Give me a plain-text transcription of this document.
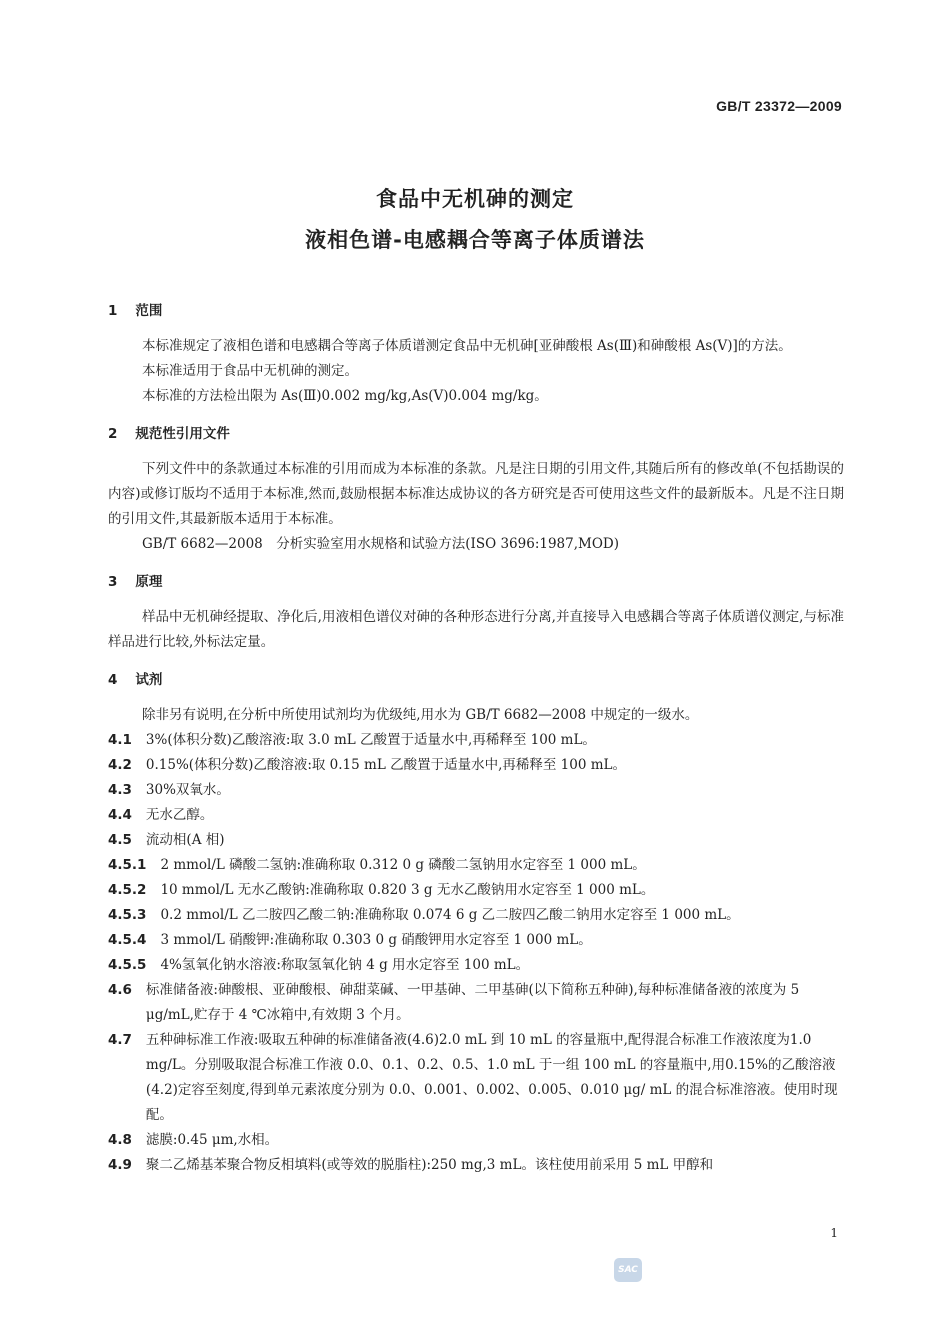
GB/T 23372—2009
食品中无机砷的测定
液相色谱-电感耦合等离子体质谱法
1 范围

本标准规定了液相色谱和电感耦合等离子体质谱测定食品中无机砷[亚砷酸根 As(Ⅲ)和砷酸根 As(Ⅴ)]的方法。

本标准适用于食品中无机砷的测定。

本标准的方法检出限为 As(Ⅲ)0.002 mg/kg,As(Ⅴ)0.004 mg/kg。

2 规范性引用文件

下列文件中的条款通过本标准的引用而成为本标准的条款。凡是注日期的引用文件,其随后所有的修改单(不包括勘误的内容)或修订版均不适用于本标准,然而,鼓励根据本标准达成协议的各方研究是否可使用这些文件的最新版本。凡是不注日期的引用文件,其最新版本适用于本标准。

GB/T 6682—2008　分析实验室用水规格和试验方法(ISO 3696:1987,MOD)

3 原理

样品中无机砷经提取、净化后,用液相色谱仪对砷的各种形态进行分离,并直接导入电感耦合等离子体质谱仪测定,与标准样品进行比较,外标法定量。

4 试剂

除非另有说明,在分析中所使用试剂均为优级纯,用水为 GB/T 6682—2008 中规定的一级水。

4.1 3%(体积分数)乙酸溶液:取 3.0 mL 乙酸置于适量水中,再稀释至 100 mL。
4.2 0.15%(体积分数)乙酸溶液:取 0.15 mL 乙酸置于适量水中,再稀释至 100 mL。
4.3 30%双氧水。
4.4 无水乙醇。
4.5 流动相(A 相)
4.5.1 2 mmol/L 磷酸二氢钠:准确称取 0.312 0 g 磷酸二氢钠用水定容至 1 000 mL。
4.5.2 10 mmol/L 无水乙酸钠:准确称取 0.820 3 g 无水乙酸钠用水定容至 1 000 mL。
4.5.3 0.2 mmol/L 乙二胺四乙酸二钠:准确称取 0.074 6 g 乙二胺四乙酸二钠用水定容至 1 000 mL。
4.5.4 3 mmol/L 硝酸钾:准确称取 0.303 0 g 硝酸钾用水定容至 1 000 mL。
4.5.5 4%氢氧化钠水溶液:称取氢氧化钠 4 g 用水定容至 100 mL。
4.6 标准储备液:砷酸根、亚砷酸根、砷甜菜碱、一甲基砷、二甲基砷(以下简称五种砷),每种标准储备液的浓度为 5 μg/mL,贮存于 4 ℃冰箱中,有效期 3 个月。
4.7 五种砷标准工作液:吸取五种砷的标准储备液(4.6)2.0 mL 到 10 mL 的容量瓶中,配得混合标准工作液浓度为1.0 mg/L。分别吸取混合标准工作液 0.0、0.1、0.2、0.5、1.0 mL 于一组 100 mL 的容量瓶中,用0.15%的乙酸溶液(4.2)定容至刻度,得到单元素浓度分别为 0.0、0.001、0.002、0.005、0.010 μg/ mL 的混合标准溶液。使用时现配。
4.8 滤膜:0.45 μm,水相。
4.9 聚二乙烯基苯聚合物反相填料(或等效的脱脂柱):250 mg,3 mL。该柱使用前采用 5 mL 甲醇和
1
SAC
